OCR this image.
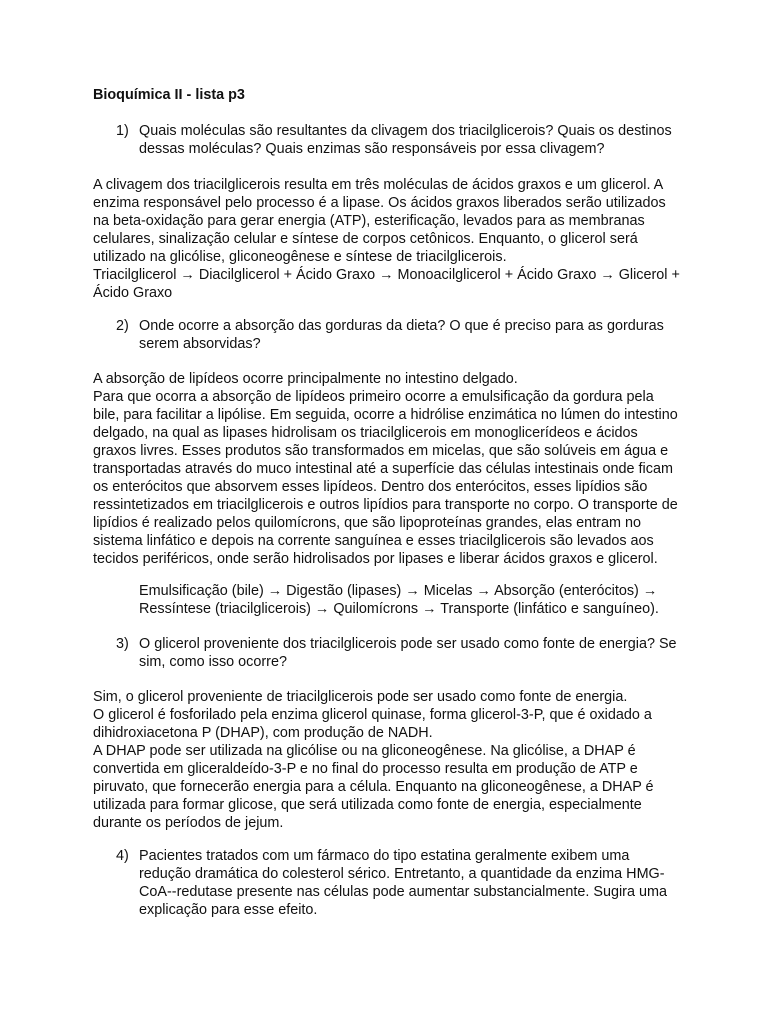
Bioquímica II - lista p3
1) Quais moléculas são resultantes da clivagem dos triacilglicerois? Quais os destinos dessas moléculas? Quais enzimas são responsáveis por essa clivagem?

A clivagem dos triacilglicerois resulta em três moléculas de ácidos graxos e um glicerol. A enzima responsável pelo processo é a lipase. Os ácidos graxos liberados serão utilizados na beta-oxidação para gerar energia (ATP), esterificação, levados para as membranas celulares, sinalização celular e síntese de corpos cetônicos. Enquanto, o glicerol será utilizado na glicólise, gliconeogênese e síntese de triacilglicerois.

Triacilglicerol → Diacilglicerol + Ácido Graxo → Monoacilglicerol + Ácido Graxo → Glicerol + Ácido Graxo

2) Onde ocorre a absorção das gorduras da dieta? O que é preciso para as gorduras serem absorvidas?

A absorção de lipídeos ocorre principalmente no intestino delgado.

Para que ocorra a absorção de lipídeos primeiro ocorre a emulsificação da gordura pela bile, para facilitar a lipólise. Em seguida, ocorre a hidrólise enzimática no lúmen do intestino delgado, na qual as lipases hidrolisam os triacilglicerois em monoglicerídeos e ácidos graxos livres. Esses produtos são transformados em micelas, que são solúveis em água e transportadas através do muco intestinal até a superfície das células intestinais onde ficam os enterócitos que absorvem esses lipídeos. Dentro dos enterócitos, esses lipídios são ressintetizados em triacilglicerois e outros lipídios para transporte no corpo. O transporte de lipídios é realizado pelos quilomícrons, que são lipoproteínas grandes, elas entram no sistema linfático e depois na corrente sanguínea e esses triacilglicerois são levados aos tecidos periféricos, onde serão hidrolisados por lipases e liberar ácidos graxos e glicerol.

Emulsificação (bile) → Digestão (lipases) → Micelas → Absorção (enterócitos) → Ressíntese (triacilglicerois) → Quilomícrons → Transporte (linfático e sanguíneo).
3) O glicerol proveniente dos triacilglicerois pode ser usado como fonte de energia? Se sim, como isso ocorre?

Sim, o glicerol proveniente de triacilglicerois pode ser usado como fonte de energia.

O glicerol é fosforilado pela enzima glicerol quinase, forma glicerol-3-P, que é oxidado a dihidroxiacetona P (DHAP), com produção de NADH.

A DHAP pode ser utilizada na glicólise ou na gliconeogênese. Na glicólise, a DHAP é convertida em gliceraldeído-3-P e no final do processo resulta em produção de ATP e piruvato, que fornecerão energia para a célula. Enquanto na gliconeogênese, a DHAP é utilizada para formar glicose, que será utilizada como fonte de energia, especialmente durante os períodos de jejum.

4) Pacientes tratados com um fármaco do tipo estatina geralmente exibem uma redução dramática do colesterol sérico. Entretanto, a quantidade da enzima HMG-CoA--redutase presente nas células pode aumentar substancialmente. Sugira uma explicação para esse efeito.
